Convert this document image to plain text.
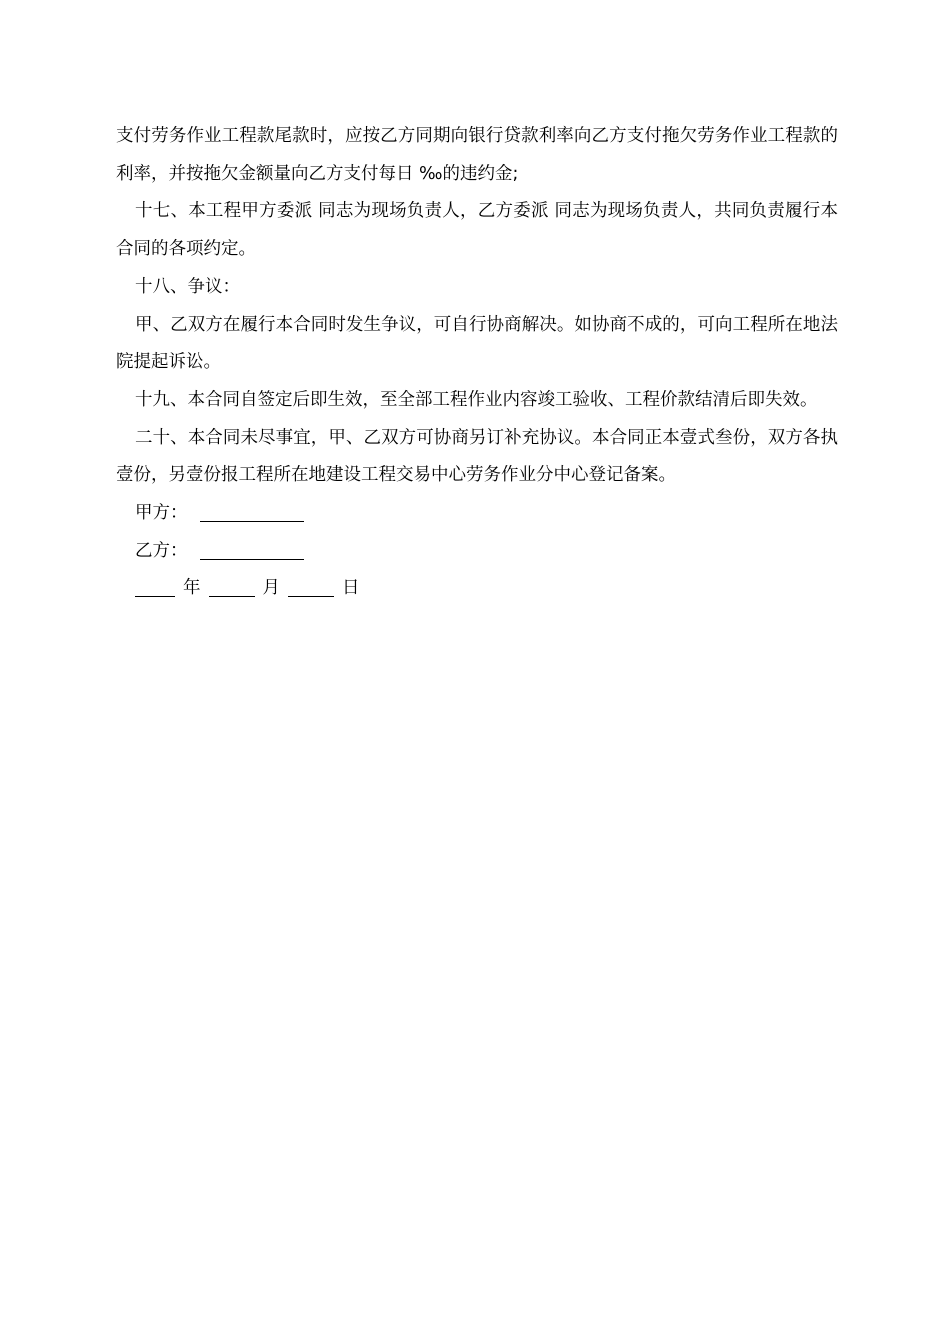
支付劳务作业工程款尾款时，应按乙方同期向银行贷款利率向乙方支付拖欠劳务作业工程款的利率，并按拖欠金额量向乙方支付每日 ‰的违约金;

十七、本工程甲方委派 同志为现场负责人，乙方委派 同志为现场负责人，共同负责履行本合同的各项约定。

十八、争议：

甲、乙双方在履行本合同时发生争议，可自行协商解决。如协商不成的，可向工程所在地法院提起诉讼。

十九、本合同自签定后即生效，至全部工程作业内容竣工验收、工程价款结清后即失效。

二十、本合同未尽事宜，甲、乙双方可协商另订补充协议。本合同正本壹式叁份，双方各执壹份，另壹份报工程所在地建设工程交易中心劳务作业分中心登记备案。

甲方：
乙方：
年	月	日
